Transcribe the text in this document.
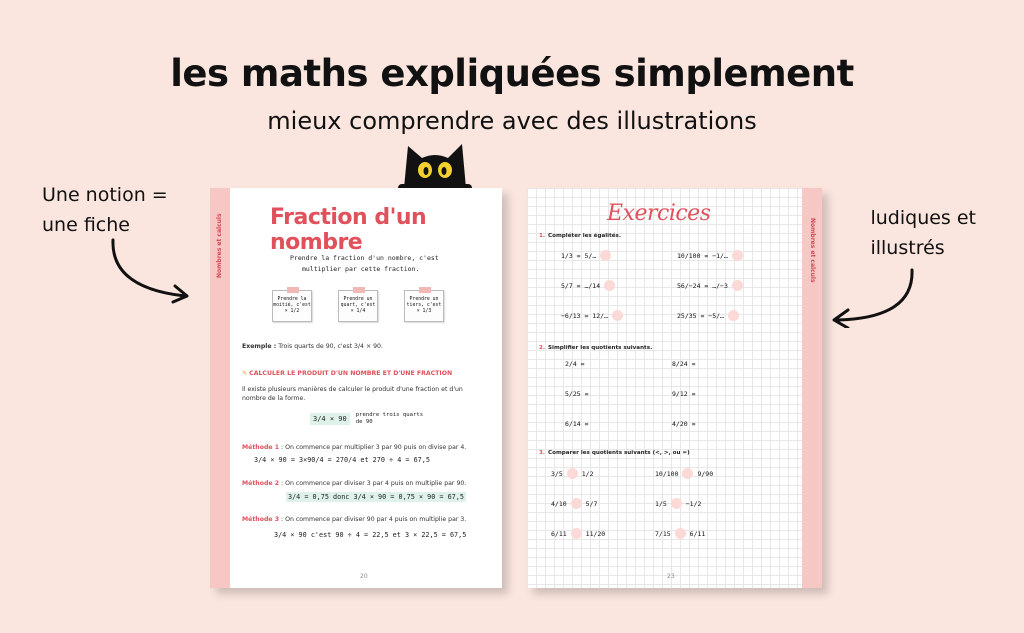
les maths expliquées simplement
mieux comprendre avec des illustrations
Une notion =
une fiche	ludiques et
illustrés
Nombres et calculs Fraction d'un nombre
Prendre la fraction d'un nombre, c'est
multiplier par cette fraction.
Prendre la
moitié, c'est
× 1/2
Prendre un
quart, c'est
× 1/4
Prendre un
tiers, c'est
× 1/3
Exemple : Trois quarts de 90, c'est 3/4 × 90.
✎ CALCULER LE PRODUIT D'UN NOMBRE ET D'UNE FRACTION
Il existe plusieurs manières de calculer le produit d'une fraction et d'un nombre de la forme.
3/4 × 90	prendre trois quarts de 90
Méthode 1 : On commence par multiplier 3 par 90 puis on divise par 4.
3/4 × 90 = 3×90/4 = 270/4 et 270 ÷ 4 = 67,5
Méthode 2 : On commence par diviser 3 par 4 puis on multiplie par 90.
3/4 = 0,75 donc 3/4 × 90 = 0,75 × 90 = 67,5
Méthode 3 : On commence par diviser 90 par 4 puis on multiplie par 3.
3/4 × 90 c'est 90 ÷ 4 = 22,5 et 3 × 22,5 = 67,5
20
Nombres et calculs
Exercices
1. Compléter les égalités.
1/3 = 5/…	10/100 = −1/…
5/7 = …/14	56/−24 = …/−3
−6/13 = 12/…	25/35 = −5/…
2. Simplifier les quotients suivants.
2/4 =	8/24 =
5/25 =	9/12 =
6/14 =	4/20 =
3. Comparer les quotients suivants (<, >, ou =)
3/5	1/2	10/100	9/90
4/10	5/7	1/5	−1/2
6/11	11/20	7/15	6/11
23
